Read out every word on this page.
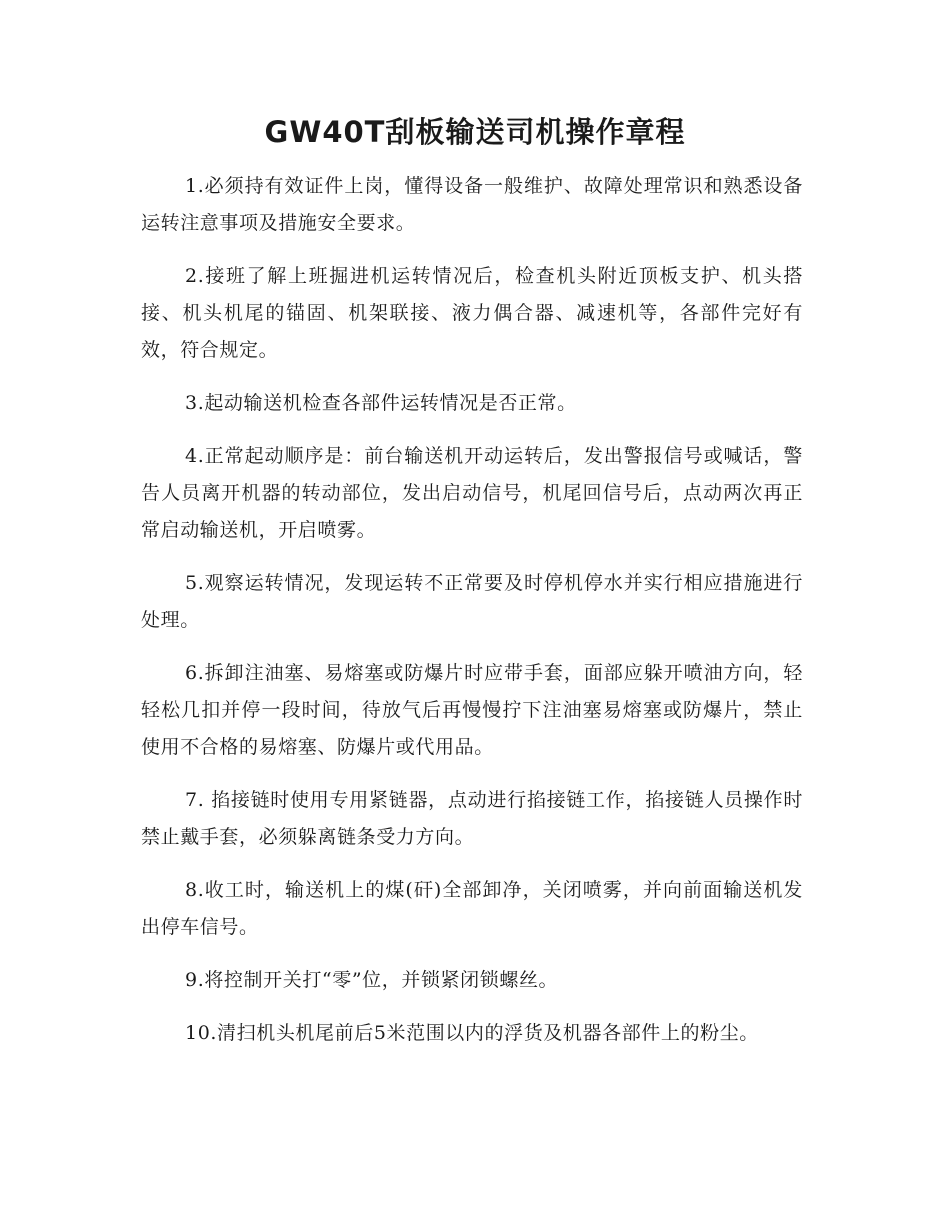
GW40T刮板输送司机操作章程

1.必须持有效证件上岗，懂得设备一般维护、故障处理常识和熟悉设备运转注意事项及措施安全要求。

2.接班了解上班掘进机运转情况后，检查机头附近顶板支护、机头搭接、机头机尾的锚固、机架联接、液力偶合器、减速机等，各部件完好有效，符合规定。

3.起动输送机检查各部件运转情况是否正常。

4.正常起动顺序是：前台输送机开动运转后，发出警报信号或喊话，警告人员离开机器的转动部位，发出启动信号，机尾回信号后，点动两次再正常启动输送机，开启喷雾。

5.观察运转情况，发现运转不正常要及时停机停水并实行相应措施进行处理。

6.拆卸注油塞、易熔塞或防爆片时应带手套，面部应躲开喷油方向，轻轻松几扣并停一段时间，待放气后再慢慢拧下注油塞易熔塞或防爆片，禁止使用不合格的易熔塞、防爆片或代用品。

7. 掐接链时使用专用紧链器，点动进行掐接链工作，掐接链人员操作时禁止戴手套，必须躲离链条受力方向。

8.收工时，输送机上的煤(矸)全部卸净，关闭喷雾，并向前面输送机发出停车信号。

9.将控制开关打“零”位，并锁紧闭锁螺丝。

10.清扫机头机尾前后5米范围以内的浮货及机器各部件上的粉尘。
